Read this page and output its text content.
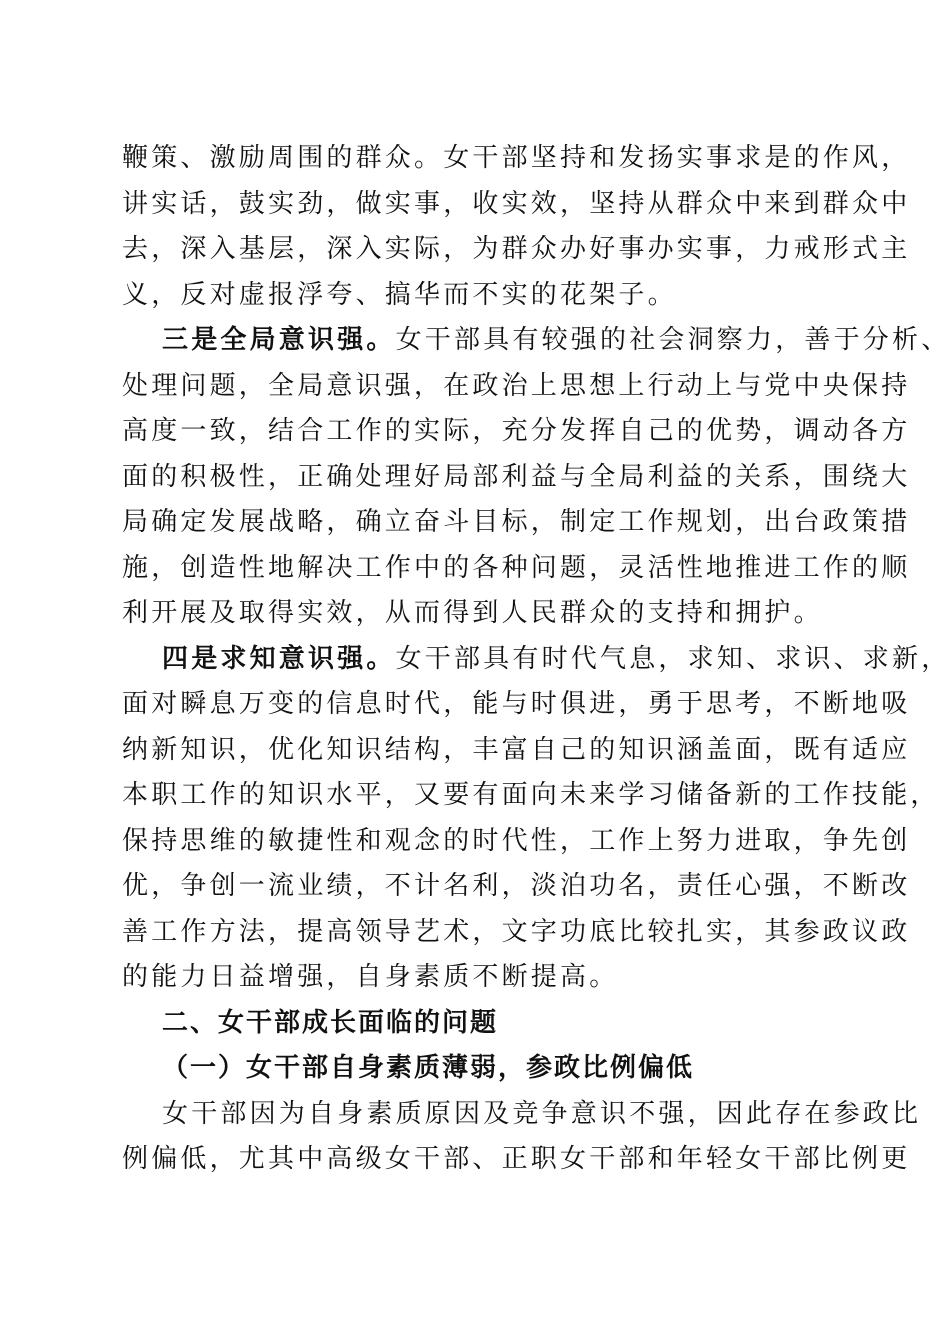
鞭策、激励周围的群众。女干部坚持和发扬实事求是的作风，
讲实话，鼓实劲，做实事，收实效，坚持从群众中来到群众中
去，深入基层，深入实际，为群众办好事办实事，力戒形式主
义，反对虚报浮夸、搞华而不实的花架子。
三是全局意识强。女干部具有较强的社会洞察力，善于分析、
处理问题，全局意识强，在政治上思想上行动上与党中央保持
高度一致，结合工作的实际，充分发挥自己的优势，调动各方
面的积极性，正确处理好局部利益与全局利益的关系，围绕大
局确定发展战略，确立奋斗目标，制定工作规划，出台政策措
施，创造性地解决工作中的各种问题，灵活性地推进工作的顺
利开展及取得实效，从而得到人民群众的支持和拥护。
四是求知意识强。女干部具有时代气息，求知、求识、求新，
面对瞬息万变的信息时代，能与时俱进，勇于思考，不断地吸
纳新知识，优化知识结构，丰富自己的知识涵盖面，既有适应
本职工作的知识水平，又要有面向未来学习储备新的工作技能，
保持思维的敏捷性和观念的时代性，工作上努力进取，争先创
优，争创一流业绩，不计名利，淡泊功名，责任心强，不断改
善工作方法，提高领导艺术，文字功底比较扎实，其参政议政
的能力日益增强，自身素质不断提高。
二、女干部成长面临的问题
（一）女干部自身素质薄弱，参政比例偏低
女干部因为自身素质原因及竞争意识不强，因此存在参政比
例偏低，尤其中高级女干部、正职女干部和年轻女干部比例更
